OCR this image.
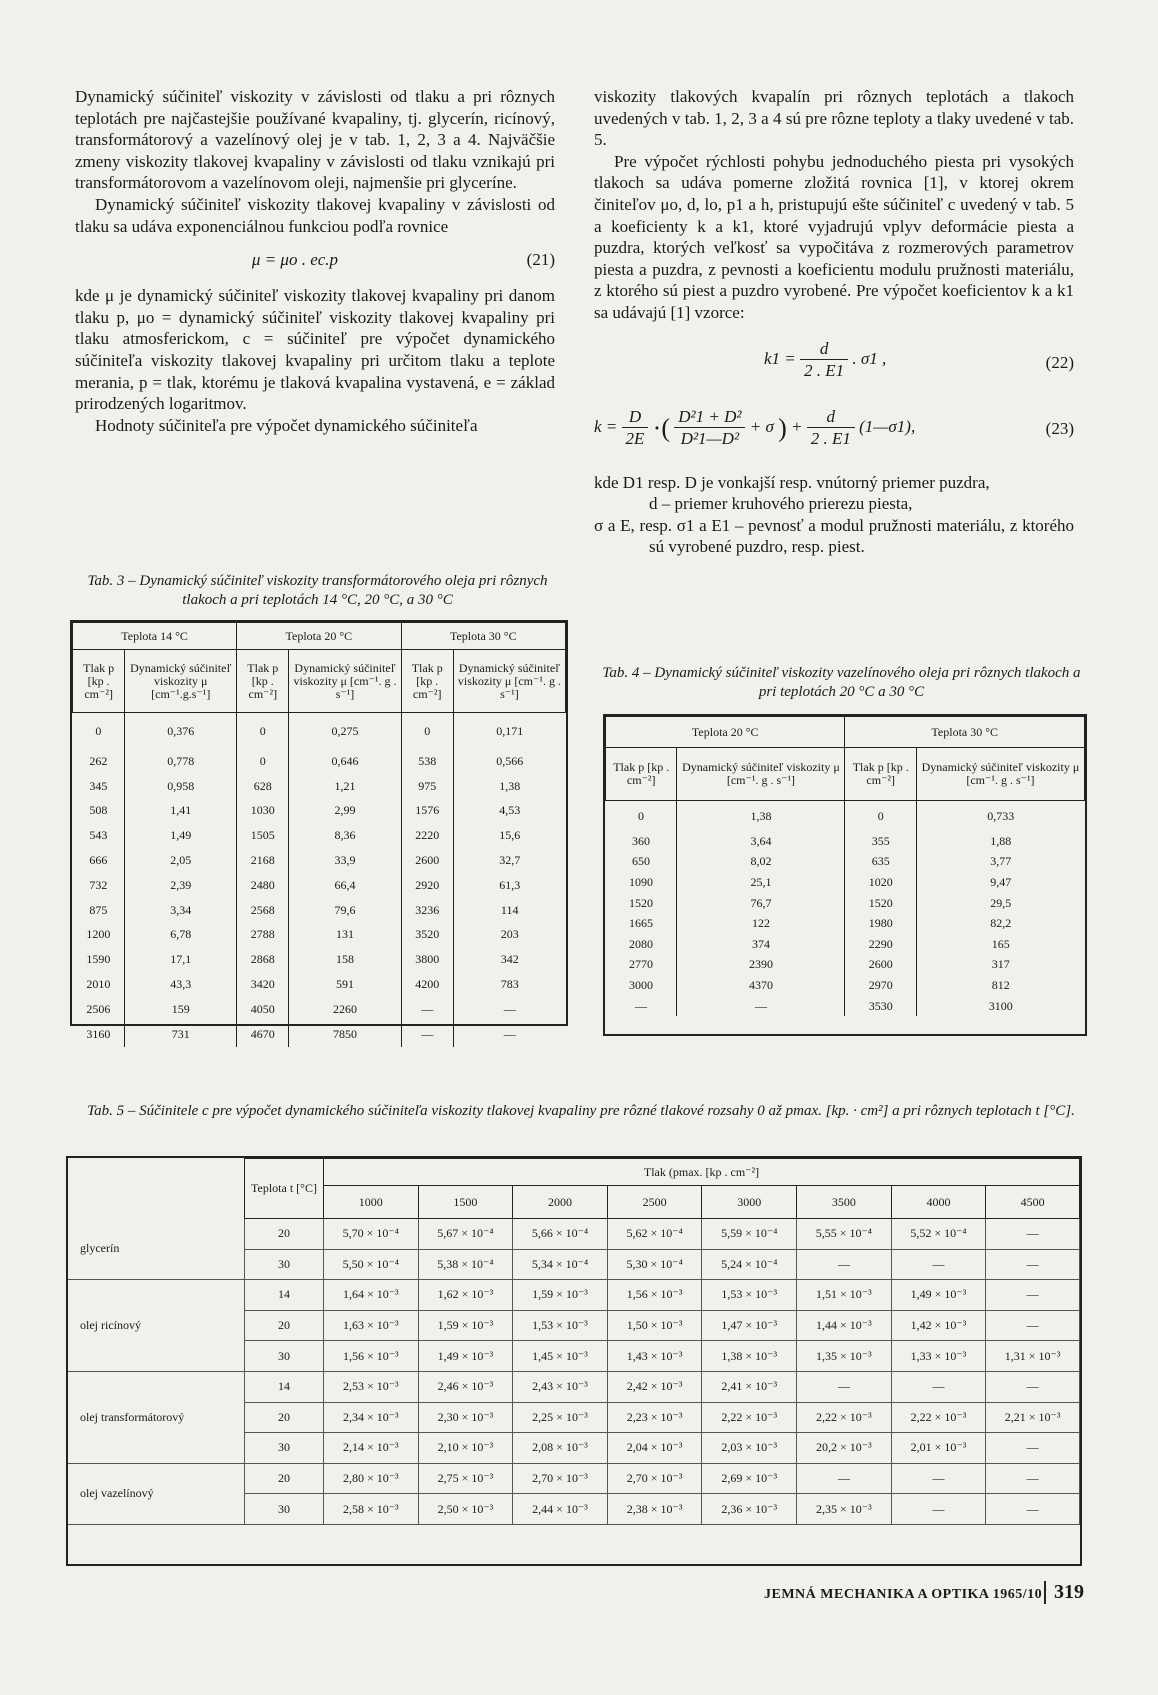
Dynamický súčiniteľ viskozity v závislosti od tlaku a pri rôznych teplotách pre najčastejšie používané kvapaliny, tj. glycerín, ricínový, transformátorový a vazelínový olej je v tab. 1, 2, 3 a 4. Najväčšie zmeny viskozity tlakovej kvapaliny v závislosti od tlaku vznikajú pri transformátorovom a vazelínovom oleji, najmenšie pri glyceríne.

Dynamický súčiniteľ viskozity tlakovej kvapaliny v závislosti od tlaku sa udáva exponenciálnou funkciou podľa rovnice

μ = μo . ec.p	(21)

kde μ je dynamický súčiniteľ viskozity tlakovej kvapaliny pri danom tlaku p, μo = dynamický súčiniteľ viskozity tlakovej kvapaliny pri tlaku atmosferickom, c = súčiniteľ pre výpočet dynamického súčiniteľa viskozity tlakovej kvapaliny pri určitom tlaku a teplote merania, p = tlak, ktorému je tlaková kvapalina vystavená, e = základ prirodzených logaritmov.

Hodnoty súčiniteľa pre výpočet dynamického súčiniteľa

viskozity tlakových kvapalín pri rôznych teplotách a tlakoch uvedených v tab. 1, 2, 3 a 4 sú pre rôzne teploty a tlaky uvedené v tab. 5.

Pre výpočet rýchlosti pohybu jednoduchého piesta pri vysokých tlakoch sa udáva pomerne zložitá rovnica [1], v ktorej okrem činiteľov μo, d, lo, p1 a h, pristupujú ešte súčiniteľ c uvedený v tab. 5 a koeficienty k a k1, ktoré vyjadrujú vplyv deformácie piesta a puzdra, ktorých veľkosť sa vypočitáva z rozmerových parametrov piesta a puzdra, z pevnosti a koeficientu modulu pružnosti materiálu, z ktorého sú piest a puzdro vyrobené. Pre výpočet koeficientov k a k1 sa udávajú [1] vzorce:

$k1 = \frac{d}{2 . E1}$ . σ1 ,	(22)
$k = \frac{D}{2E}$ ·( $\frac{\text{D²1 + D²}}{\text{D²1—D²}} + \sigma$ ) + $\frac{d}{2 . E1}$ (1—σ1),	(23)

kde D1 resp. D je vonkajší resp. vnútorný priemer puzdra,

d – priemer kruhového prierezu piesta,

σ a E, resp. σ1 a E1 – pevnosť a modul pružnosti materiálu, z ktorého sú vyrobené puzdro, resp. piest.

Tab. 3 – Dynamický súčiniteľ viskozity transformátorového oleja pri rôznych tlakoch a pri teplotách 14 °C, 20 °C, a 30 °C

Teplota 14 °C		Teplota 20 °C		Teplota 30 °C	
Tlak p [kp . cm⁻²]	Dynamický súčiniteľ viskozity μ [cm⁻¹.g.s⁻¹]	Tlak p [kp . cm⁻²]	Dynamický súčiniteľ viskozity μ [cm⁻¹. g . s⁻¹]	Tlak p [kp . cm⁻²]	Dynamický súčiniteľ viskozity μ [cm⁻¹. g . s⁻¹]
0	0,376	0	0,275	0	0,171
262	0,778	0	0,646	538	0,566
345	0,958	628	1,21	975	1,38
508	1,41	1030	2,99	1576	4,53
543	1,49	1505	8,36	2220	15,6
666	2,05	2168	33,9	2600	32,7
732	2,39	2480	66,4	2920	61,3
875	3,34	2568	79,6	3236	114
1200	6,78	2788	131	3520	203
1590	17,1	2868	158	3800	342
2010	43,3	3420	591	4200	783
2506	159	4050	2260	—	—
3160	731	4670	7850	—	—

Tab. 4 – Dynamický súčiniteľ viskozity vazelínového oleja pri rôznych tlakoch a pri teplotách 20 °C a 30 °C

Teplota 20 °C		Teplota 30 °C	
Tlak p [kp . cm⁻²]	Dynamický súčiniteľ viskozity μ [cm⁻¹. g . s⁻¹]	Tlak p [kp . cm⁻²]	Dynamický súčiniteľ viskozity μ [cm⁻¹. g . s⁻¹]
0	1,38	0	0,733
360	3,64	355	1,88
650	8,02	635	3,77
1090	25,1	1020	9,47
1520	76,7	1520	29,5
1665	122	1980	82,2
2080	374	2290	165
2770	2390	2600	317
3000	4370	2970	812
—	—	3530	3100

Tab. 5 – Súčinitele c pre výpočet dynamického súčiniteľa viskozity tlakovej kvapaliny pre rôzné tlakové rozsahy 0 až pmax. [kp. · cm²] a pri rôznych teplotach t [°C].

	Teplota t [°C]	Tlak (pmax. [kp . cm⁻²]							
		1000	1500	2000	2500	3000	3500	4000	4500
glycerín	20	5,70 × 10⁻⁴	5,67 × 10⁻⁴	5,66 × 10⁻⁴	5,62 × 10⁻⁴	5,59 × 10⁻⁴	5,55 × 10⁻⁴	5,52 × 10⁻⁴	—
	30	5,50 × 10⁻⁴	5,38 × 10⁻⁴	5,34 × 10⁻⁴	5,30 × 10⁻⁴	5,24 × 10⁻⁴	—	—	—
olej ricínový	14	1,64 × 10⁻³	1,62 × 10⁻³	1,59 × 10⁻³	1,56 × 10⁻³	1,53 × 10⁻³	1,51 × 10⁻³	1,49 × 10⁻³	—
	20	1,63 × 10⁻³	1,59 × 10⁻³	1,53 × 10⁻³	1,50 × 10⁻³	1,47 × 10⁻³	1,44 × 10⁻³	1,42 × 10⁻³	—
	30	1,56 × 10⁻³	1,49 × 10⁻³	1,45 × 10⁻³	1,43 × 10⁻³	1,38 × 10⁻³	1,35 × 10⁻³	1,33 × 10⁻³	1,31 × 10⁻³
olej transformátorový	14	2,53 × 10⁻³	2,46 × 10⁻³	2,43 × 10⁻³	2,42 × 10⁻³	2,41 × 10⁻³	—	—	—
	20	2,34 × 10⁻³	2,30 × 10⁻³	2,25 × 10⁻³	2,23 × 10⁻³	2,22 × 10⁻³	2,22 × 10⁻³	2,22 × 10⁻³	2,21 × 10⁻³
	30	2,14 × 10⁻³	2,10 × 10⁻³	2,08 × 10⁻³	2,04 × 10⁻³	2,03 × 10⁻³	20,2 × 10⁻³	2,01 × 10⁻³	—
olej vazelínový	20	2,80 × 10⁻³	2,75 × 10⁻³	2,70 × 10⁻³	2,70 × 10⁻³	2,69 × 10⁻³	—	—	—
	30	2,58 × 10⁻³	2,50 × 10⁻³	2,44 × 10⁻³	2,38 × 10⁻³	2,36 × 10⁻³	2,35 × 10⁻³	—	—
JEMNÁ MECHANIKA A OPTIKA 1965/10 319
